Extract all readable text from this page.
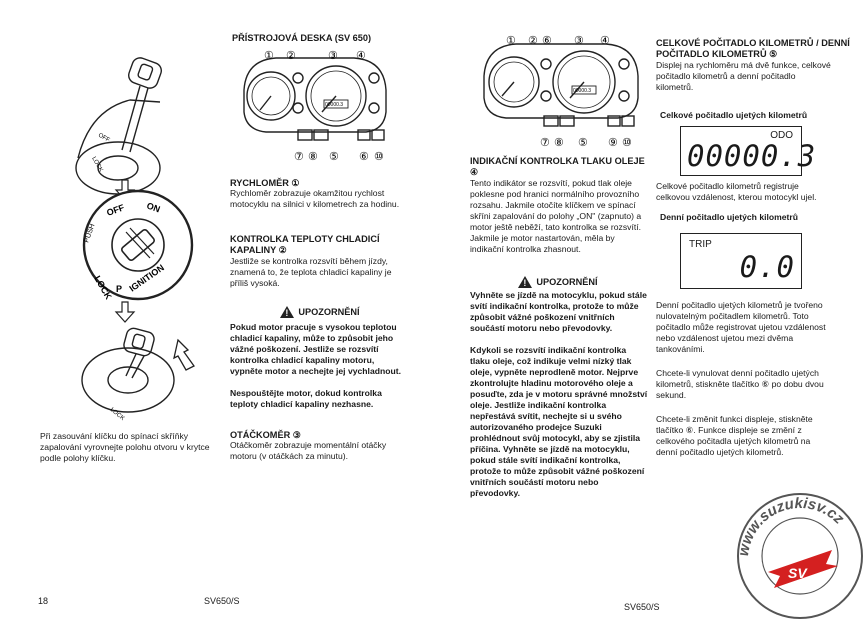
OFF
LOCK
OFF ON
PUSH
LOCK P IGNITION
LOCK
Při zasouvání klíčku do spínací skříňky zapalování vyrovnejte polohu otvoru v krytce podle polohy klíčku.
18	SV650/S
PŘÍSTROJOVÁ DESKA (SV 650)
00000.3
① ②	③ ④
⑦ ⑧ ⑤ ⑥ ⑩
RYCHLOMĚR ①
Rychloměr zobrazuje okamžitou rychlost motocyklu na silnici v kilometrech za hodinu.
KONTROLKA TEPLOTY CHLADICÍ KAPALINY ②
Jestliže se kontrolka rozsvítí během jízdy, znamená to, že teplota chladicí kapaliny je příliš vysoká.
! UPOZORNĚNÍ
Pokud motor pracuje s vysokou teplotou chladicí kapaliny, může to způsobit jeho vážné poškození. Jestliže se rozsvítí kontrolka chladicí kapaliny motoru, vypněte motor a nechejte jej vychladnout.
Nespouštějte motor, dokud kontrolka teploty chladicí kapaliny nezhasne.
OTÁČKOMĚR ③
Otáčkoměr zobrazuje momentální otáčky motoru (v otáčkách za minutu).
00000.3
① ② ⑥ ③ ④
⑦ ⑧ ⑤ ⑨ ⑩
INDIKAČNÍ KONTROLKA TLAKU OLEJE ④
Tento indikátor se rozsvítí, pokud tlak oleje poklesne pod hranici normálního provozního rozsahu. Jakmile otočíte klíčkem ve spínací skříni zapalování do polohy „ON" (zapnuto) a motor ještě neběží, tato kontrolka se rozsvítí. Jakmile je motor nastartován, měla by indikační kontrolka zhasnout.
! UPOZORNĚNÍ
Vyhněte se jízdě na motocyklu, pokud stále svítí indikační kontrolka, protože to může způsobit vážné poškození vnitřních součástí motoru nebo převodovky.
Kdykoli se rozsvítí indikační kontrolka tlaku oleje, což indikuje velmi nízký tlak oleje, vypněte neprodleně motor. Nejprve zkontrolujte hladinu motorového oleje a posuďte, zda je v motoru správné množství oleje. Jestliže indikační kontrolka nepřestává svítit, nechejte si u svého autorizovaného prodejce Suzuki prohlédnout svůj motocykl, aby se zjistila příčina. Vyhněte se jízdě na motocyklu, pokud stále svítí indikační kontrolka, protože to může způsobit vážné poškození vnitřních součástí motoru nebo převodovky.
SV650/S
CELKOVÉ POČITADLO KILOMETRŮ / DENNÍ POČITADLO KILOMETRŮ ⑤
Displej na rychloměru má dvě funkce, celkové počitadlo kilometrů a denní počitadlo kilometrů.
Celkové počitadlo ujetých kilometrů
ODO
00000.3
Celkové počitadlo kilometrů registruje celkovou vzdálenost, kterou motocykl ujel.
Denní počitadlo ujetých kilometrů
TRIP
0.0
Denní počitadlo ujetých kilometrů je tvořeno nulovatelným počitadlem kilometrů. Toto počitadlo může registrovat ujetou vzdálenost nebo vzdálenost ujetou mezi dvěma tankováními.
Chcete-li vynulovat denní počitadlo ujetých kilometrů, stiskněte tlačítko ⑥ po dobu dvou sekund.
Chcete-li změnit funkci displeje, stiskněte tlačítko ⑥. Funkce displeje se změní z celkového počitadla ujetých kilometrů na denní počitadlo ujetých kilometrů.
www.suzukisv.cz
SV
